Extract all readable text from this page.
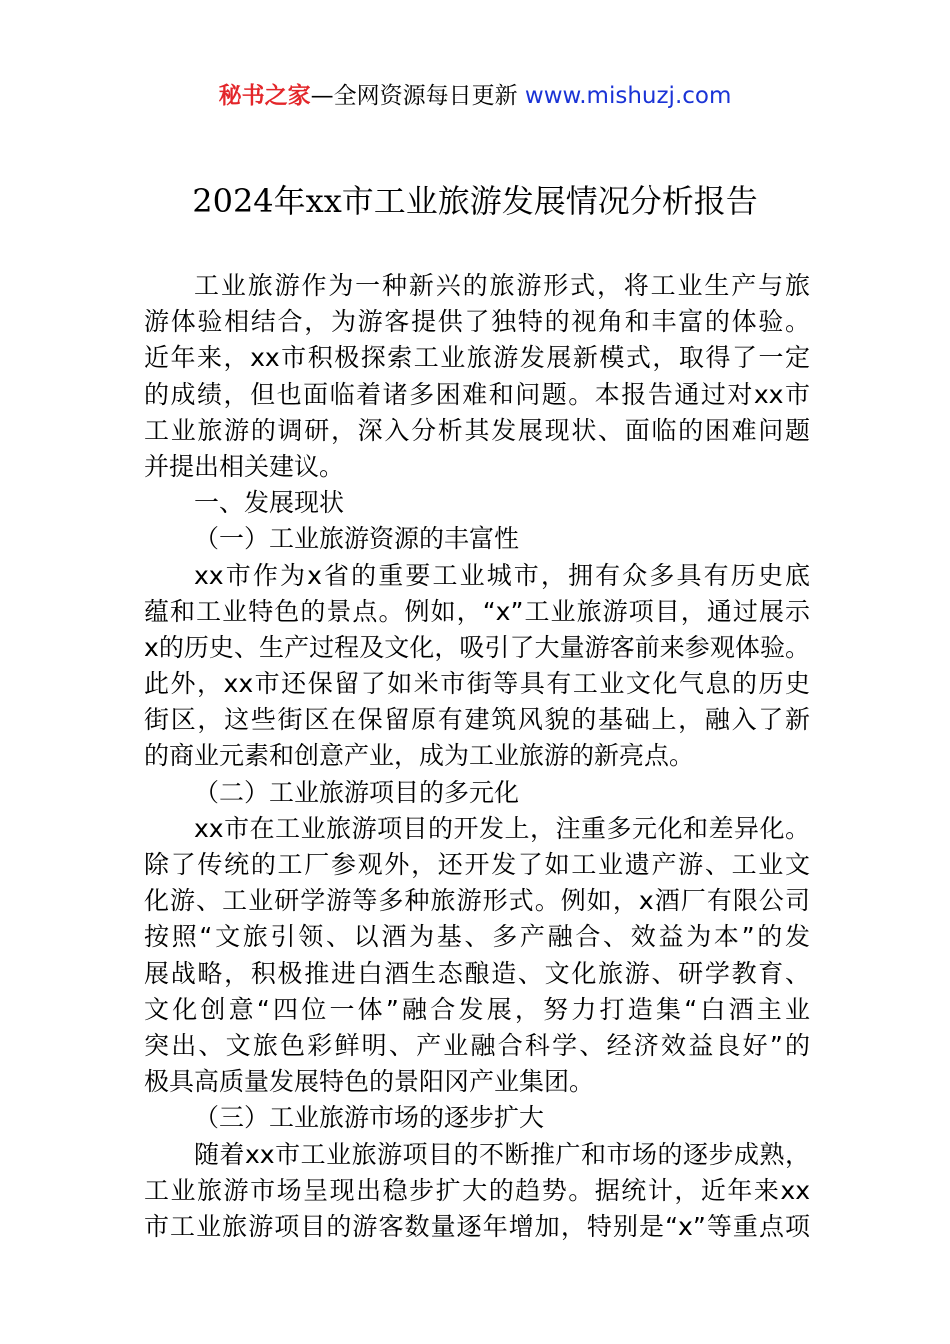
秘书之家—全网资源每日更新 www.mishuzj.com
2024年xx市工业旅游发展情况分析报告
工业旅游作为一种新兴的旅游形式，将工业生产与旅
游体验相结合，为游客提供了独特的视角和丰富的体验。
近年来，xx市积极探索工业旅游发展新模式，取得了一定
的成绩，但也面临着诸多困难和问题。本报告通过对xx市
工业旅游的调研，深入分析其发展现状、面临的困难问题
并提出相关建议。
一、发展现状
（一）工业旅游资源的丰富性
xx市作为x省的重要工业城市，拥有众多具有历史底
蕴和工业特色的景点。例如，“x”工业旅游项目，通过展示
x的历史、生产过程及文化，吸引了大量游客前来参观体验。
此外，xx市还保留了如米市街等具有工业文化气息的历史
街区，这些街区在保留原有建筑风貌的基础上，融入了新
的商业元素和创意产业，成为工业旅游的新亮点。
（二）工业旅游项目的多元化
xx市在工业旅游项目的开发上，注重多元化和差异化。
除了传统的工厂参观外，还开发了如工业遗产游、工业文
化游、工业研学游等多种旅游形式。例如，x酒厂有限公司
按照“文旅引领、以酒为基、多产融合、效益为本”的发
展战略，积极推进白酒生态酿造、文化旅游、研学教育、
文化创意“四位一体”融合发展，努力打造集“白酒主业
突出、文旅色彩鲜明、产业融合科学、经济效益良好”的
极具高质量发展特色的景阳冈产业集团。
（三）工业旅游市场的逐步扩大
随着xx市工业旅游项目的不断推广和市场的逐步成熟，
工业旅游市场呈现出稳步扩大的趋势。据统计，近年来xx
市工业旅游项目的游客数量逐年增加，特别是“x”等重点项
